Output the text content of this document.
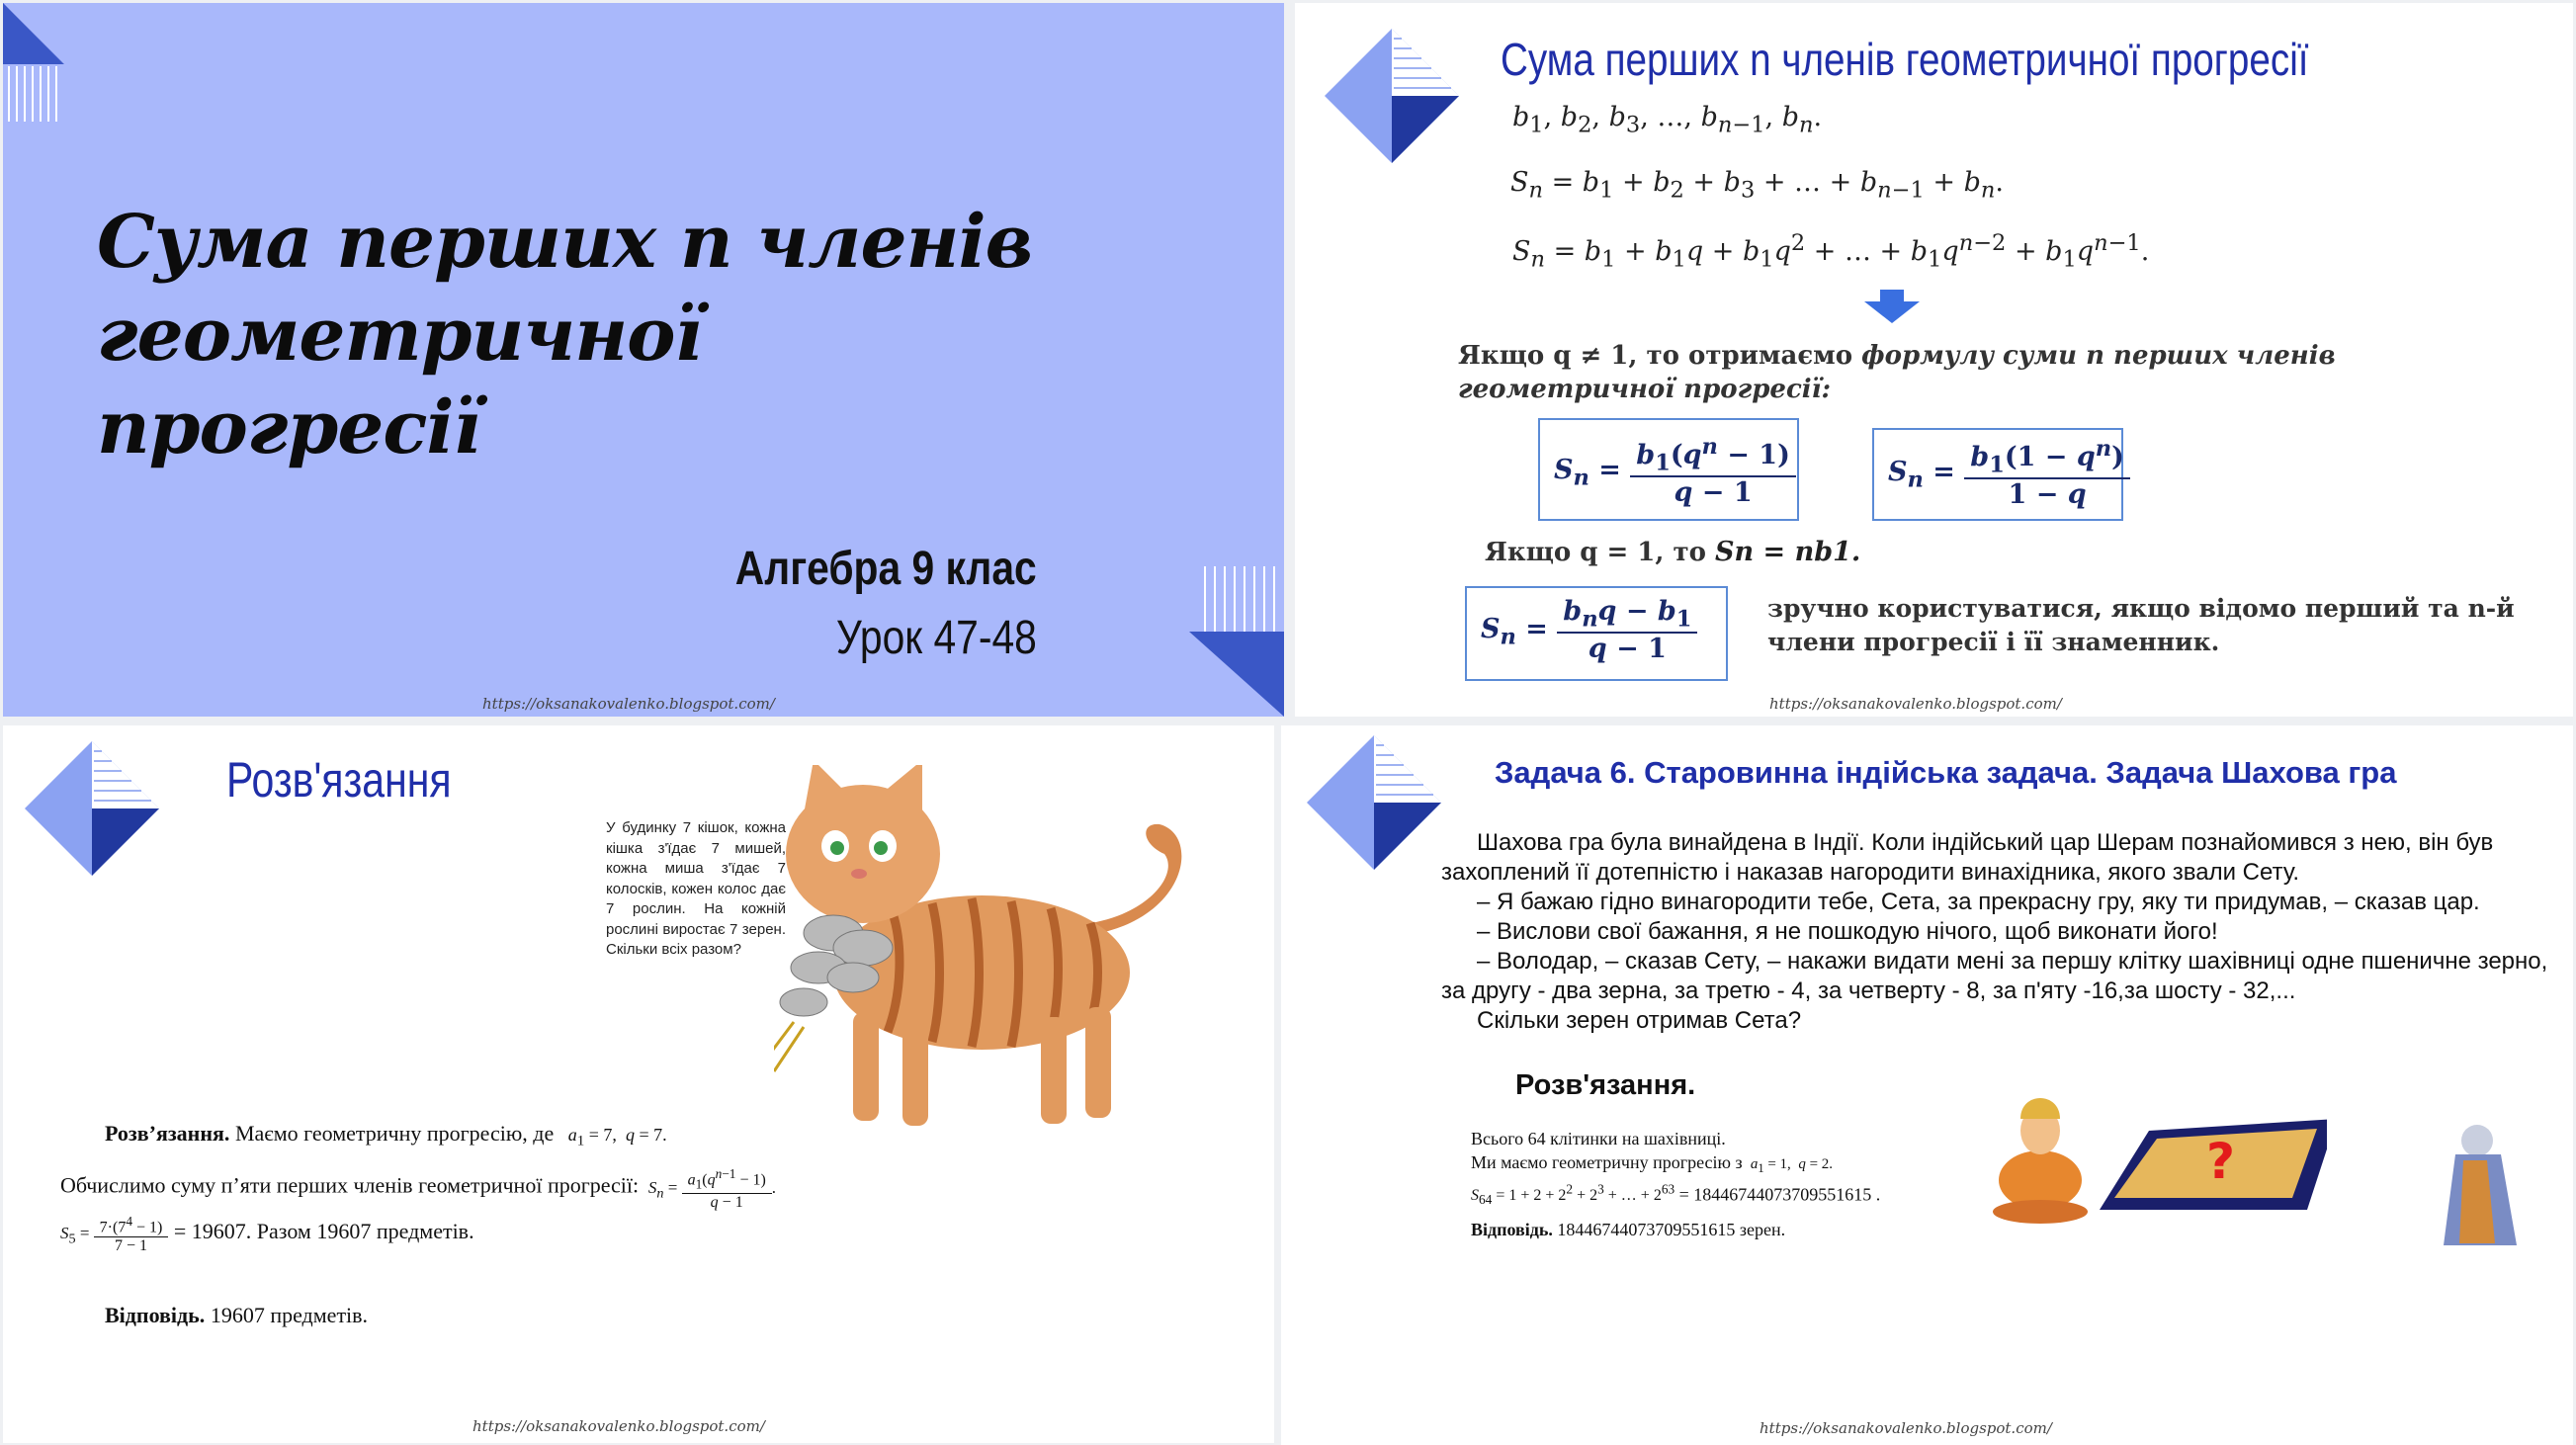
Сума перших n членів
геометричної прогресії
Алгебра 9 клас
Урок 47-48
https://oksanakovalenko.blogspot.com/
Сума перших n членів геометричної прогресії
$b_1$, $b_2$, $b_3$, …, $b_{n-1}$, $b_n$.
$S_n = b_1 + b_2 + b_3$ + … + $b_{n-1} + b_n$.
$S_n = b_1 + b_1q + b_1q^2$ + … + $b_1q^{n-2} + b_1q^{n-1}$.
Якщо q ≠ 1, то отримаємо формулу суми n перших членів геометричної прогресії:
$S_n = \frac{b_1(q^n - 1)}{q - 1}$	$S_n = \frac{b_1(1 - q^n)}{1 - q}$
Якщо q = 1, то Sn = nb1.
$S_n = \frac{b_nq - b_1}{q - 1}$	зручно користуватися, якщо відомо перший та n-й члени прогресії і її знаменник.
https://oksanakovalenko.blogspot.com/
Розв'язання
У будинку 7 кішок, кожна кішка з'їдає 7 мишей, кожна миша з'їдає 7 колосків, кожен колос дає 7 рослин. На кожній рослині виростає 7 зерен. Скільки всіх разом?
Розв’язання. Маємо геометричну прогресію, де $a_1 = 7$,  q = 7.
Обчислимо суму п’яти перших членів геометричної прогресії: $S_n = \frac{a_1(q^{n-1} - 1)}{q - 1}$ .
$S_5 = \frac{7\cdot(7^4 - 1)}{7 - 1} = 19607$. Разом 19607 предметів.
Відповідь. 19607 предметів.
https://oksanakovalenko.blogspot.com/
Задача 6. Старовинна індійська задача. Задача Шахова гра

Шахова гра була винайдена в Індії. Коли індійський цар Шерам познайомився з нею, він був захоплений її дотепністю і наказав нагородити винахідника, якого звали Сету.

– Я бажаю гідно винагородити тебе, Сета, за прекрасну гру, яку ти придумав, – сказав цар.

– Вислови свої бажання, я не пошкодую нічого, щоб виконати його!

– Володар, – сказав Сету, – накажи видати мені за першу клітку шахівниці одне пшеничне зерно, за другу - два зерна, за третю - 4, за четверту - 8, за п'яту -16,за шосту - 32,...

Скільки зерен отримав Сета?

Розв'язання.
Всього 64 клітинки на шахівниці.
Ми маємо геометричну прогресію з $a_1 = 1$,  q = 2.
$S_{64} = 1 + 2 + 2^2 + 2^3$ + … + $2^{63} = 18446744073709551615$ .
Відповідь. 18446744073709551615 зерен.
?
https://oksanakovalenko.blogspot.com/
